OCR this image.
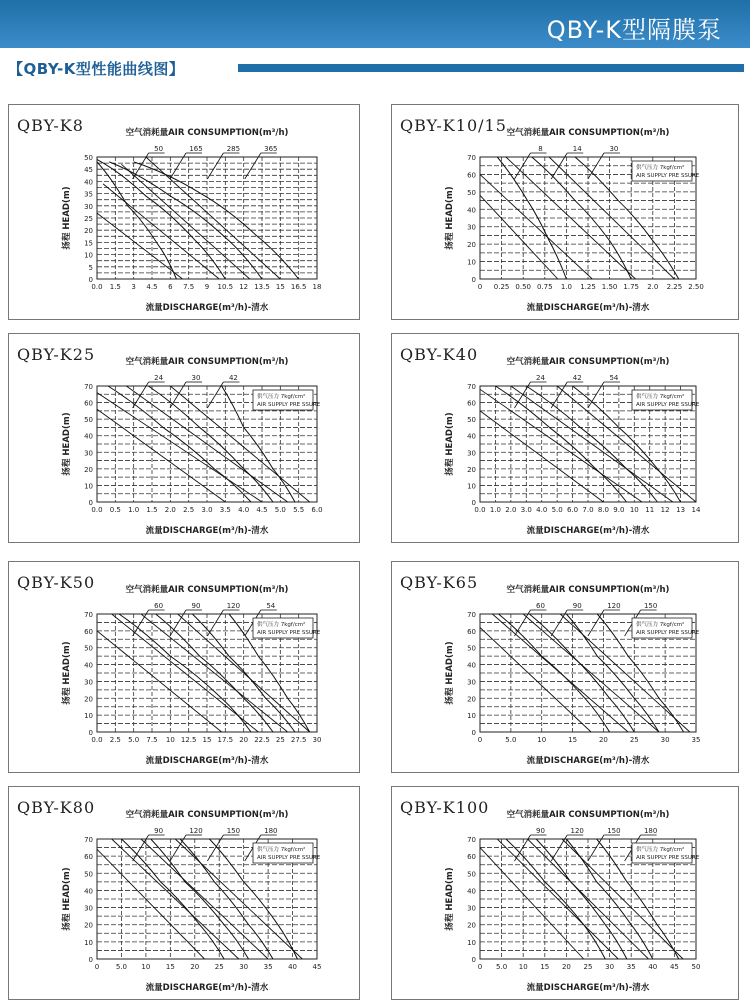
QBY-K型隔膜泵
【QBY-K型性能曲线图】
QBY-K8	空气消耗量AIR CONSUMPTION(m³/h)
流量DISCHARGE(m³/h)-清水
扬程 HEAD(m)
0.0 1.5 3 4.5 6 7.5 9 10.5 12 13.5 15 16.5 18
0
5
10
15
20
25
30
35
40
45
50
50	165	285	365
QBY-K10/15 空气消耗量AIR CONSUMPTION(m³/h)
流量DISCHARGE(m³/h)-清水
扬程 HEAD(m)
0 0.25 0.50 0.75 1.0 1.25 1.50 1.75 2.0 2.25 2.50
0
10
20
30
40
50
60
70
8	14	30
供气压力 7kgf/cm²
AIR SUPPLY PRE SSURE
QBY-K25	空气消耗量AIR CONSUMPTION(m³/h)
流量DISCHARGE(m³/h)-清水
扬程 HEAD(m)
0.0 0.5 1.0 1.5 2.0 2.5 3.0 3.5 4.0 4.5 5.0 5.5 6.0
0
10
20
30
40
50
60
70
24	30	42
供气压力 7kgf/cm²
AIR SUPPLY PRE SSURE
QBY-K40	空气消耗量AIR CONSUMPTION(m³/h)
流量DISCHARGE(m³/h)-清水
扬程 HEAD(m)
0.0 1.0 2.0 3.0 4.0 5.0 6.0 7.0 8.0 9.0 10 11 12 13 14
0
10
20
30
40
50
60
70
24	42	54
供气压力 7kgf/cm²
AIR SUPPLY PRE SSURE
QBY-K50	空气消耗量AIR CONSUMPTION(m³/h)
流量DISCHARGE(m³/h)-清水
扬程 HEAD(m)
0.0 2.5 5.0 7.5 10 12.5 15 17.5 20 22.5 25 27.5 30
0
10
20
30
40
50
60
70
60	90	120	54
供气压力 7kgf/cm²
AIR SUPPLY PRE SSURE
QBY-K65	空气消耗量AIR CONSUMPTION(m³/h)
流量DISCHARGE(m³/h)-清水
扬程 HEAD(m)
0	5.0	10	15	20	25	30	35
0
10
20
30
40
50
60
70
60	90	120	150
供气压力 7kgf/cm²
AIR SUPPLY PRE SSURE
QBY-K80	空气消耗量AIR CONSUMPTION(m³/h)
流量DISCHARGE(m³/h)-清水
扬程 HEAD(m)
0 5.0 10 15 20 25 30 35 40 45
0
10
20
30
40
50
60
70
90	120	150	180
供气压力 7kgf/cm²
AIR SUPPLY PRE SSURE
QBY-K100 空气消耗量AIR CONSUMPTION(m³/h)
流量DISCHARGE(m³/h)-清水
扬程 HEAD(m)
0 5.0 10 15 20 25 30 35 40 45 50
0
10
20
30
40
50
60
70
90	120	150	180
供气压力 7kgf/cm²
AIR SUPPLY PRE SSURE
